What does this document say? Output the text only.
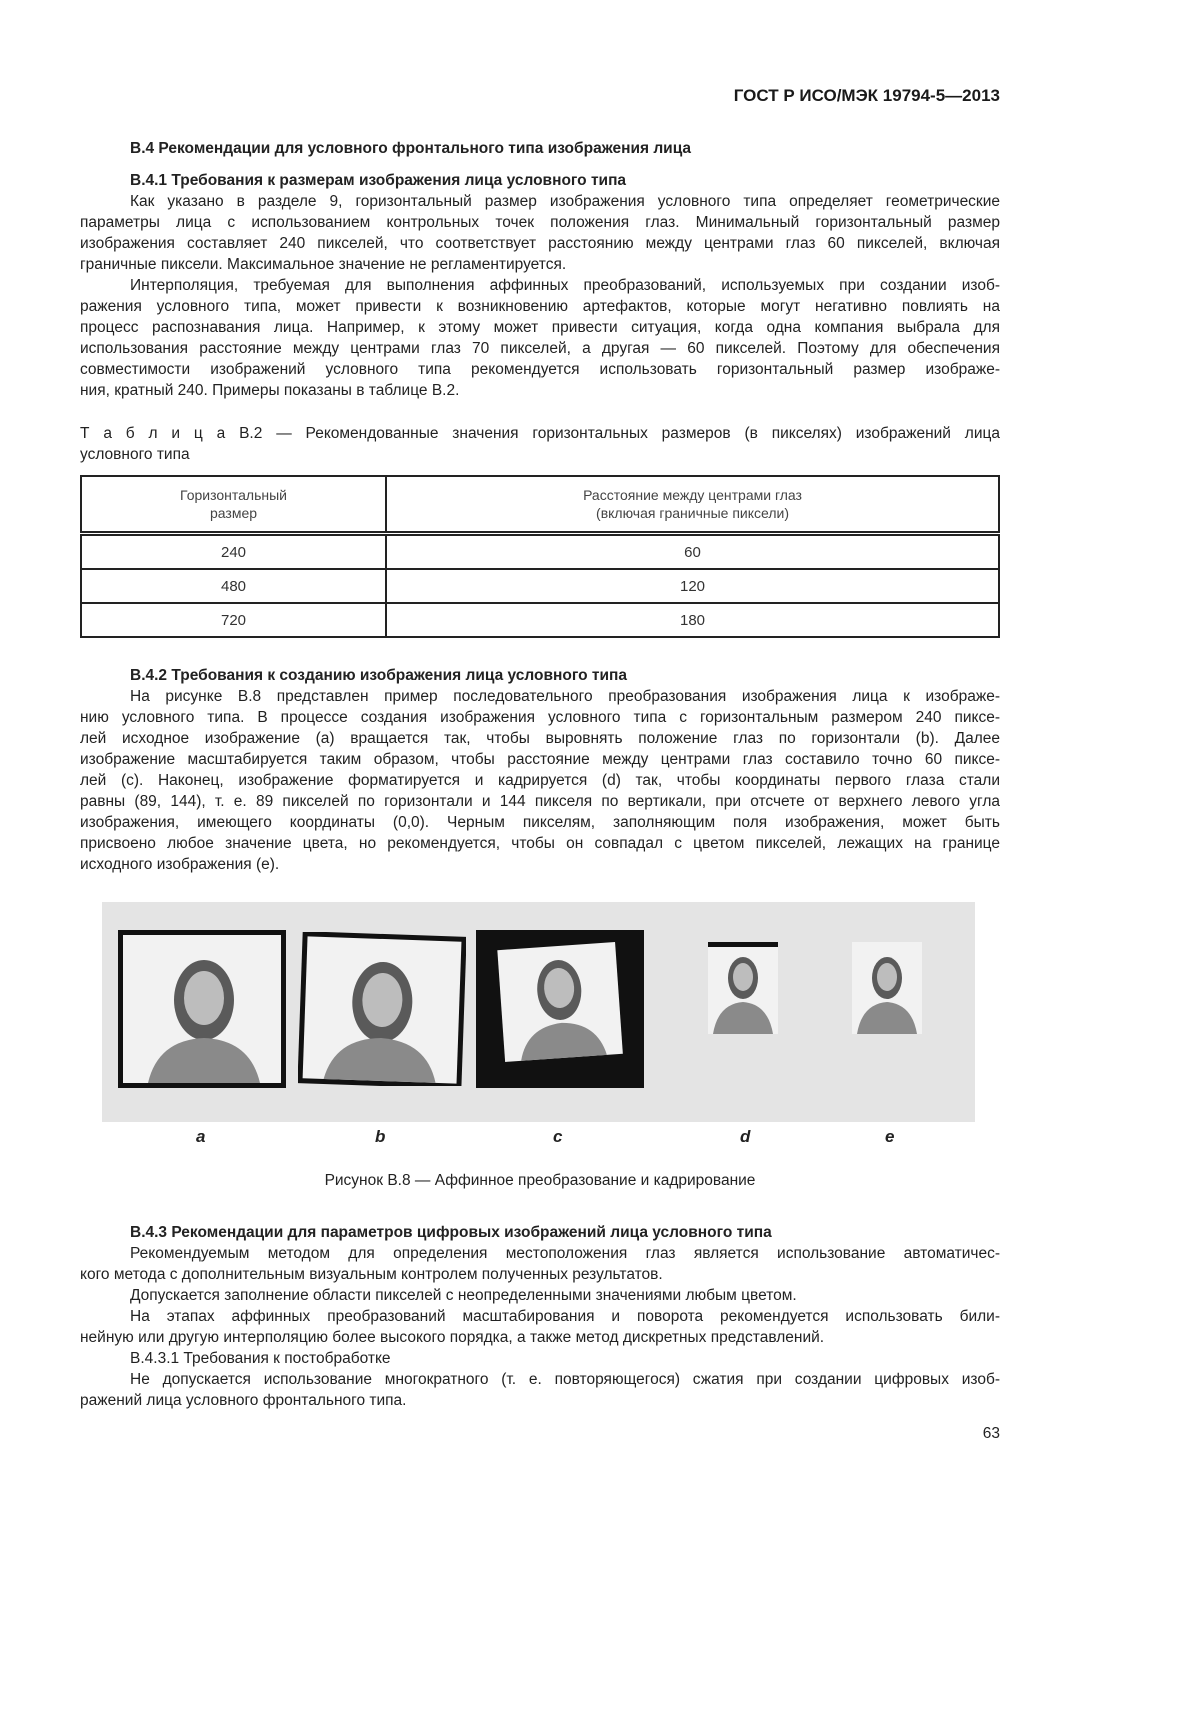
ГОСТ Р ИСО/МЭК 19794-5—2013
В.4 Рекомендации для условного фронтального типа изображения лица
В.4.1 Требования к размерам изображения лица условного типа
Как указано в разделе 9, горизонтальный размер изображения условного типа определяет геометрические
параметры лица с использованием контрольных точек положения глаз. Минимальный горизонтальный размер
изображения составляет 240 пикселей, что соответствует расстоянию между центрами глаз 60 пикселей, включая
граничные пиксели. Максимальное значение не регламентируется.
Интерполяция, требуемая для выполнения аффинных преобразований, используемых при создании изоб-
ражения условного типа, может привести к возникновению артефактов, которые могут негативно повлиять на
процесс распознавания лица. Например, к этому может привести ситуация, когда одна компания выбрала для
использования расстояние между центрами глаз 70 пикселей, а другая — 60 пикселей. Поэтому для обеспечения
совместимости изображений условного типа рекомендуется использовать горизонтальный размер изображе-
ния, кратный 240. Примеры показаны в таблице В.2.
Т а б л и ц а В.2 — Рекомендованные значения горизонтальных размеров (в пикселях) изображений лица
условного типа
Горизонтальный
размер	Расстояние между центрами глаз
(включая граничные пиксели)
240	60
480	120
720	180
В.4.2 Требования к созданию изображения лица условного типа
На рисунке В.8 представлен пример последовательного преобразования изображения лица к изображе-
нию условного типа. В процессе создания изображения условного типа с горизонтальным размером 240 пиксе-
лей исходное изображение (a) вращается так, чтобы выровнять положение глаз по горизонтали (b). Далее
изображение масштабируется таким образом, чтобы расстояние между центрами глаз составило точно 60 пиксе-
лей (c). Наконец, изображение форматируется и кадрируется (d) так, чтобы координаты первого глаза стали
равны (89, 144), т. е. 89 пикселей по горизонтали и 144 пикселя по вертикали, при отсчете от верхнего левого угла
изображения, имеющего координаты (0,0). Черным пикселям, заполняющим поля изображения, может быть
присвоено любое значение цвета, но рекомендуется, чтобы он совпадал с цветом пикселей, лежащих на границе
исходного изображения (e).
a	b	c	d	e
Рисунок В.8 — Аффинное преобразование и кадрирование
В.4.3 Рекомендации для параметров цифровых изображений лица условного типа
Рекомендуемым методом для определения местоположения глаз является использование автоматичес-
кого метода с дополнительным визуальным контролем полученных результатов.
Допускается заполнение области пикселей с неопределенными значениями любым цветом.
На этапах аффинных преобразований масштабирования и поворота рекомендуется использовать били-
нейную или другую интерполяцию более высокого порядка, а также метод дискретных представлений.
В.4.3.1 Требования к постобработке
Не допускается использование многократного (т. е. повторяющегося) сжатия при создании цифровых изоб-
ражений лица условного фронтального типа.
63
